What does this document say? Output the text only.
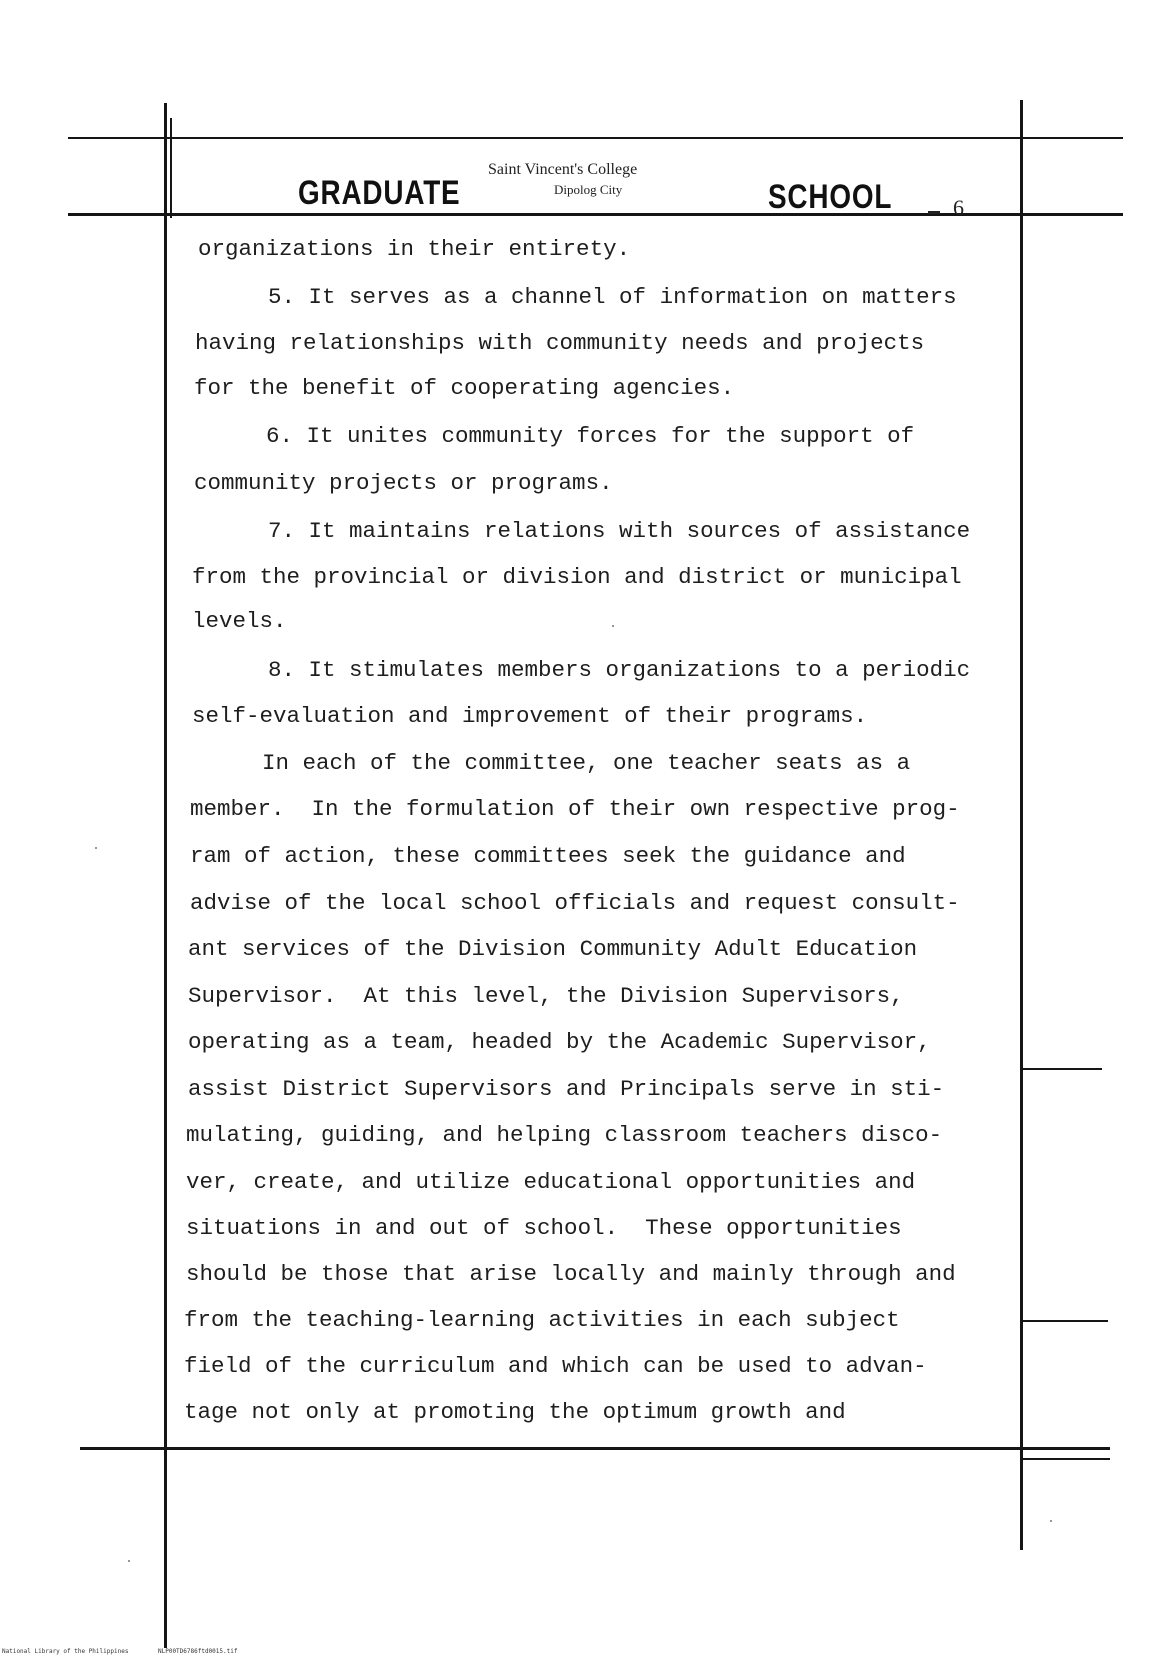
GRADUATE
Saint Vincent's College
Dipolog City	SCHOOL	6
organizations in their entirety.
5. It serves as a channel of information on matters
having relationships with community needs and projects
for the benefit of cooperating agencies.
6. It unites community forces for the support of
community projects or programs.
7. It maintains relations with sources of assistance
from the provincial or division and district or municipal
levels.
8. It stimulates members organizations to a periodic
self-evaluation and improvement of their programs.
In each of the committee, one teacher seats as a
member.  In the formulation of their own respective prog-
ram of action, these committees seek the guidance and
advise of the local school officials and request consult-
ant services of the Division Community Adult Education
Supervisor.  At this level, the Division Supervisors,
operating as a team, headed by the Academic Supervisor,
assist District Supervisors and Principals serve in sti-
mulating, guiding, and helping classroom teachers disco-
ver, create, and utilize educational opportunities and
situations in and out of school.  These opportunities
should be those that arise locally and mainly through and
from the teaching-learning activities in each subject
field of the curriculum and which can be used to advan-
tage not only at promoting the optimum growth and
National Library of the Philippines	NLP00TD6786ftd0015.tif
